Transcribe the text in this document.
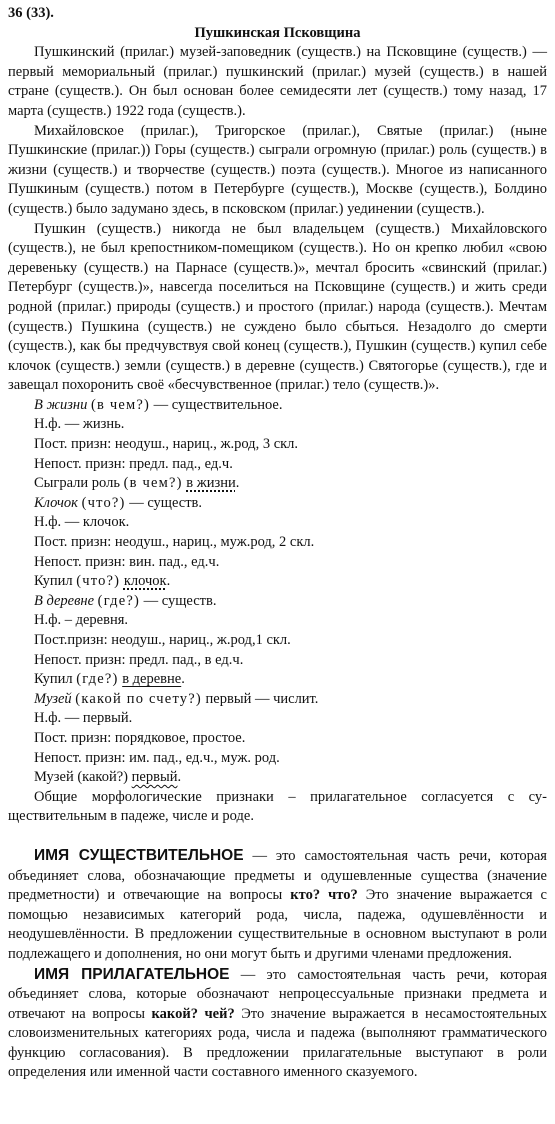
36 (33).

Пушкинская Псковщина

Пушкинский (прилаг.) музей-заповедник (существ.) на Псковщине (существ.) — первый мемориальный (прилаг.) пушкинский (прилаг.) музей (существ.) в нашей стране (существ.). Он был основан более семидесяти лет (существ.) тому назад, 17 марта (существ.) 1922 года (существ.).

Михайловское (прилаг.), Тригорское (прилаг.), Святые (прилаг.) (ныне Пушкинские (прилаг.)) Горы (существ.) сыграли огромную (прилаг.) роль (существ.) в жизни (существ.) и творчестве (существ.) поэта (существ.). Многое из написанного Пушкиным (существ.) потом в Петербурге (существ.), Москве (существ.), Болдино (существ.) было задумано здесь, в псковском (прилаг.) уединении (существ.).

Пушкин (существ.) никогда не был владельцем (существ.) Михайловского (существ.), не был крепостником-помещиком (существ.). Но он крепко любил «свою деревеньку (существ.) на Парнасе (существ.)», мечтал бросить «свинский (прилаг.) Петербург (существ.)», навсегда поселиться на Псковщине (существ.) и жить среди родной (прилаг.) природы (существ.) и простого (прилаг.) народа (существ.). Мечтам (существ.) Пушкина (существ.) не суждено было сбыться. Незадолго до смерти (существ.), как бы предчувствуя свой конец (существ.), Пушкин (существ.) купил себе клочок (существ.) земли (существ.) в деревне (существ.) Святогорье (существ.), где и завещал похоронить своё «бесчувственное (прилаг.) тело (существ.)».

В жизни (в чем?) — существительное.

Н.ф. — жизнь.

Пост. призн: неодуш., нариц., ж.род, 3 скл.

Непост. призн: предл. пад., ед.ч.

Сыграли роль (в чем?) в жизни.

Клочок (что?) — существ.

Н.ф. — клочок.

Пост. призн: неодуш., нариц., муж.род, 2 скл.

Непост. призн: вин. пад., ед.ч.

Купил (что?) клочок.

В деревне (где?) — существ.

Н.ф. – деревня.

Пост.призн: неодуш., нариц., ж.род,1 скл.

Непост. призн: предл. пад., в ед.ч.

Купил (где?) в деревне.

Музей (какой по счету?) первый — числит.

Н.ф. — первый.

Пост. призн: порядковое, простое.

Непост. призн: им. пад., ед.ч., муж. род.

Музей (какой?) первый.

Общие морфологические признаки – прилагательное согласуется с существительным в падеже, числе и роде.

ИМЯ СУЩЕСТВИТЕЛЬНОЕ — это самостоятельная часть речи, которая объединяет слова, обозначающие предметы и одушевленные существа (значение предметности) и отвечающие на вопросы кто? что? Это значение выражается с помощью независимых категорий рода, числа, падежа, одушевлённости и неодушевлённости. В предложении существительные в основном выступают в роли подлежащего и дополнения, но они могут быть и другими членами предложения.

ИМЯ ПРИЛАГАТЕЛЬНОЕ — это самостоятельная часть речи, которая объединяет слова, которые обозначают непроцессуальные признаки предмета и отвечают на вопросы какой? чей? Это значение выражается в несамостоятельных словоизменительных категориях рода, числа и падежа (выполняют грамматического функцию согласования). В предложении прилагательные выступают в роли определения или именной части составного именного сказуемого.
